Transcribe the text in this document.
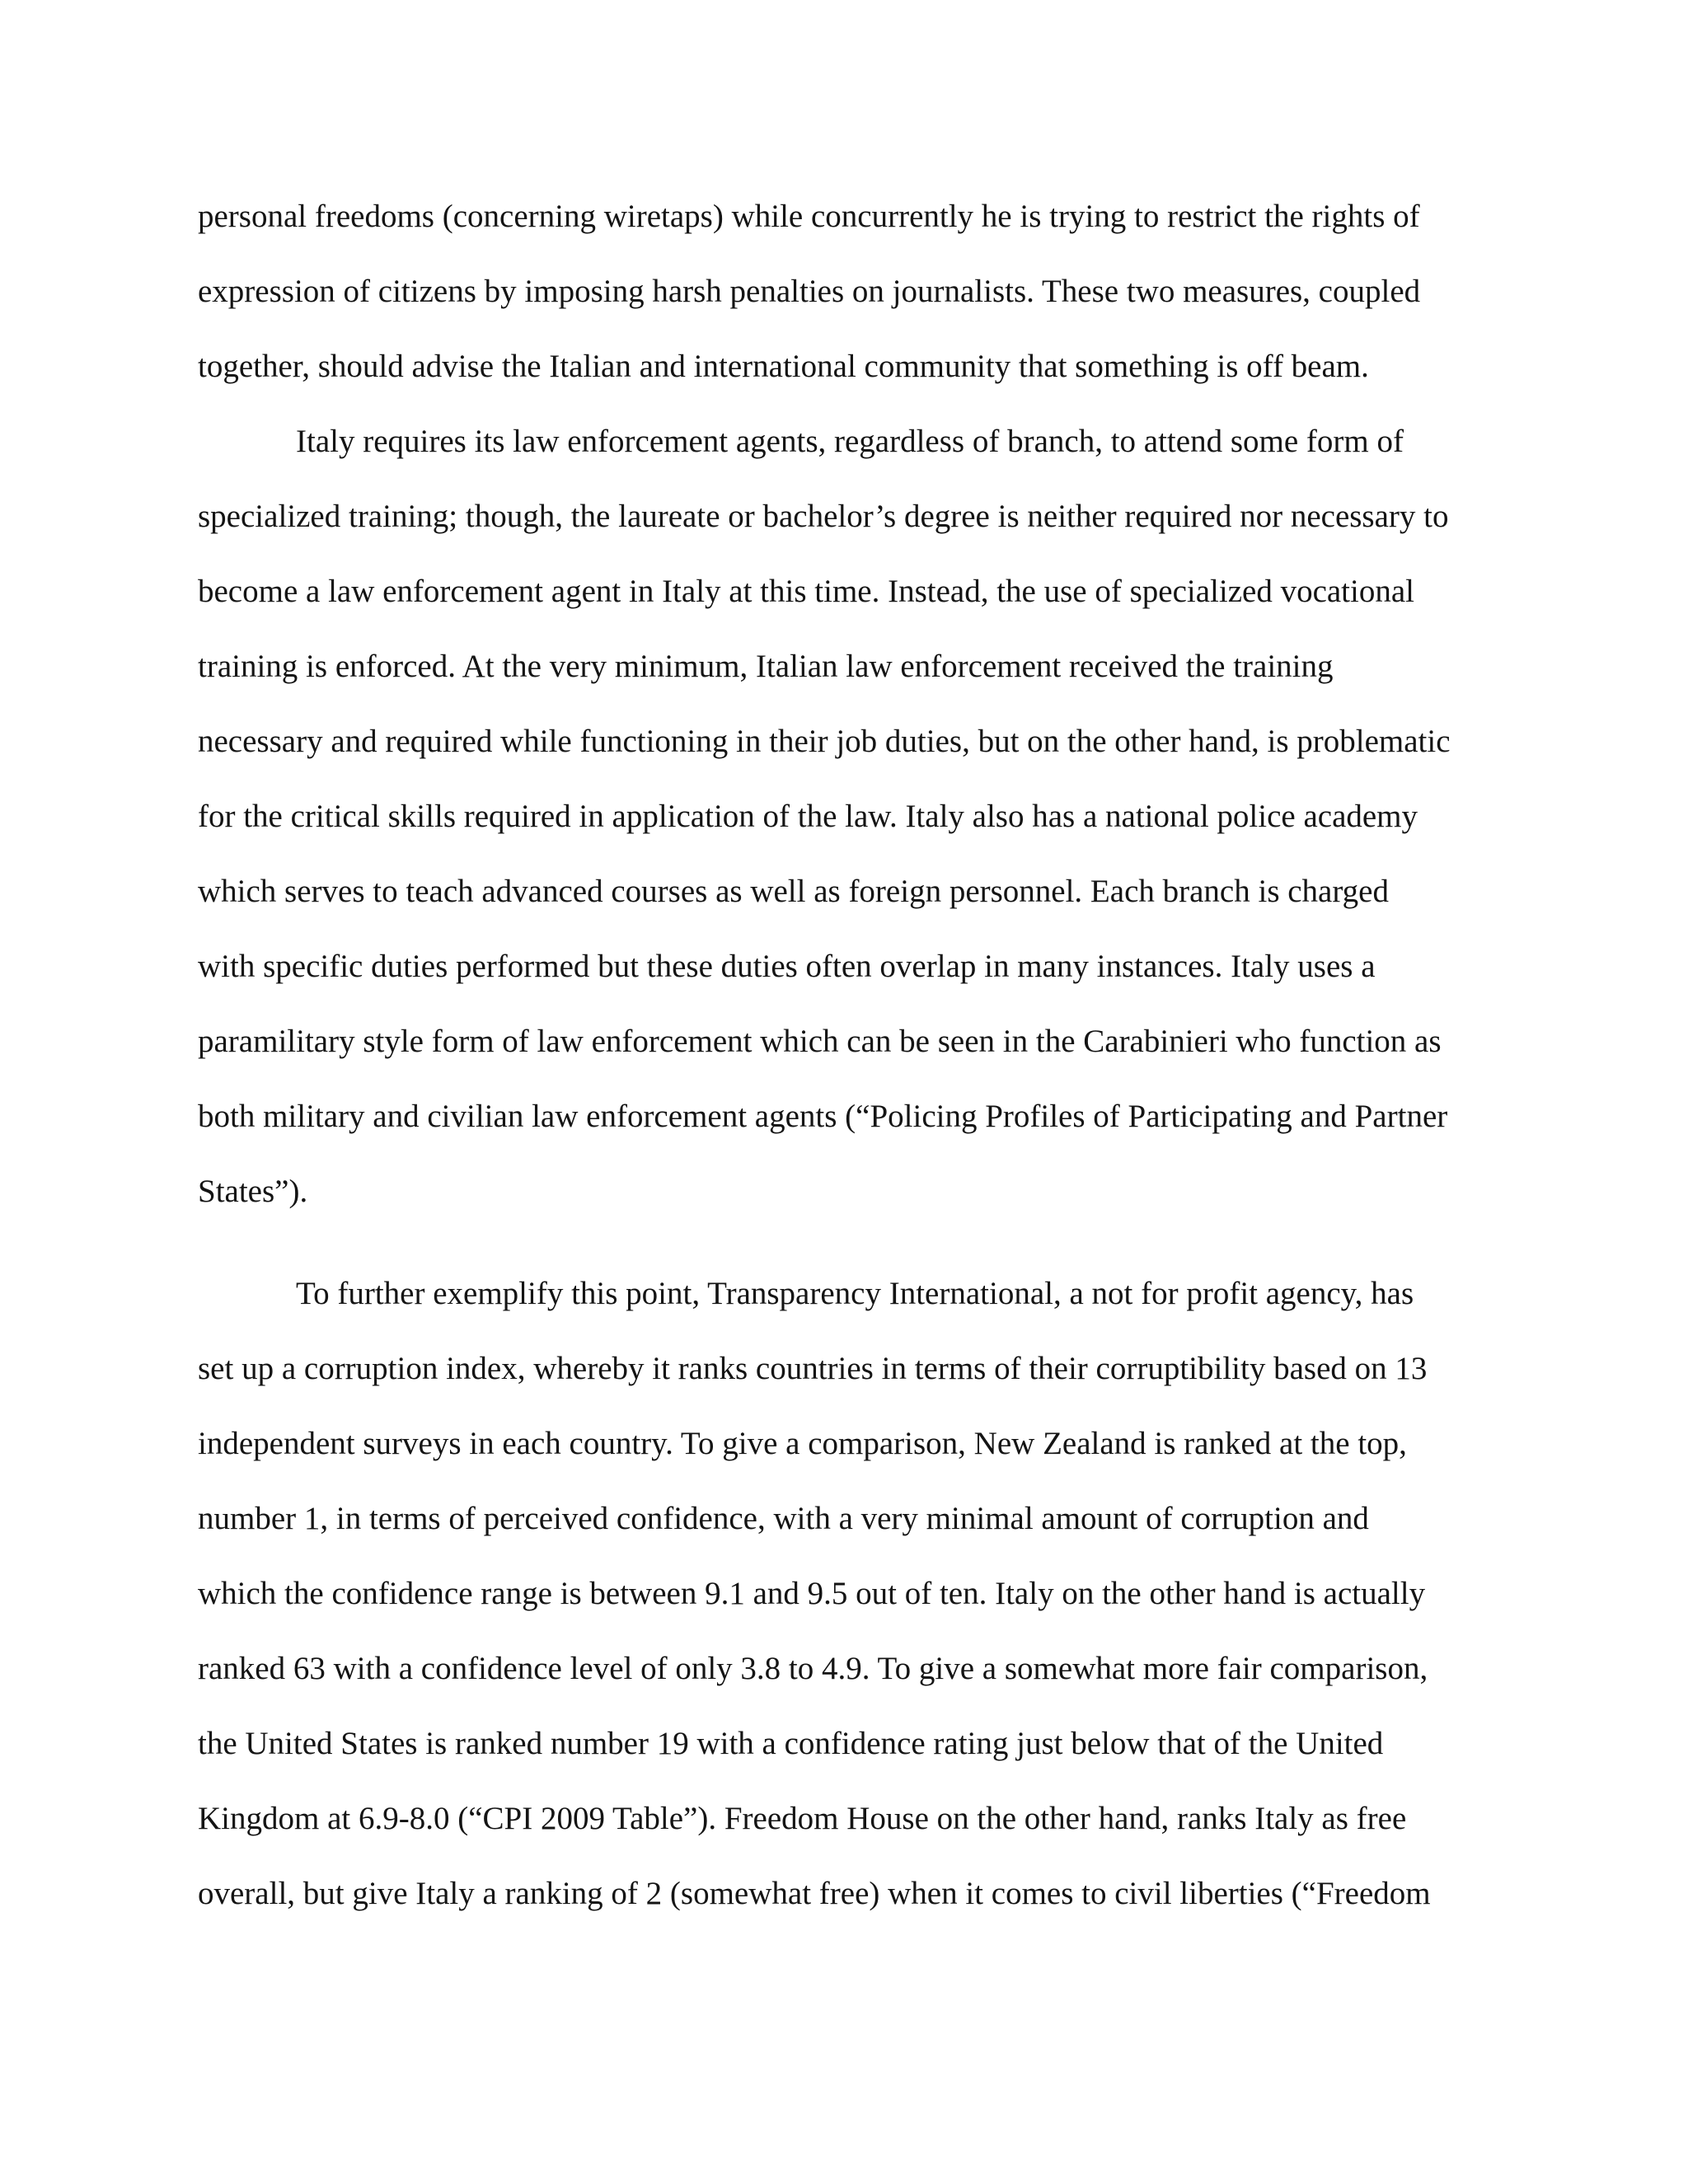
personal freedoms (concerning wiretaps) while concurrently he is trying to restrict the rights of
expression of citizens by imposing harsh penalties on journalists. These two measures, coupled
together, should advise the Italian and international community that something is off beam.
Italy requires its law enforcement agents, regardless of branch, to attend some form of
specialized training; though, the laureate or bachelor’s degree is neither required nor necessary to
become a law enforcement agent in Italy at this time. Instead, the use of specialized vocational
training is enforced. At the very minimum, Italian law enforcement received the training
necessary and required while functioning in their job duties, but on the other hand, is problematic
for the critical skills required in application of the law. Italy also has a national police academy
which serves to teach advanced courses as well as foreign personnel. Each branch is charged
with specific duties performed but these duties often overlap in many instances. Italy uses a
paramilitary style form of law enforcement which can be seen in the Carabinieri who function as
both military and civilian law enforcement agents (“Policing Profiles of Participating and Partner
States”).
To further exemplify this point, Transparency International, a not for profit agency, has
set up a corruption index, whereby it ranks countries in terms of their corruptibility based on 13
independent surveys in each country. To give a comparison, New Zealand is ranked at the top,
number 1, in terms of perceived confidence, with a very minimal amount of corruption and
which the confidence range is between 9.1 and 9.5 out of ten. Italy on the other hand is actually
ranked 63 with a confidence level of only 3.8 to 4.9. To give a somewhat more fair comparison,
the United States is ranked number 19 with a confidence rating just below that of the United
Kingdom at 6.9-8.0 (“CPI 2009 Table”). Freedom House on the other hand, ranks Italy as free
overall, but give Italy a ranking of 2 (somewhat free) when it comes to civil liberties (“Freedom
